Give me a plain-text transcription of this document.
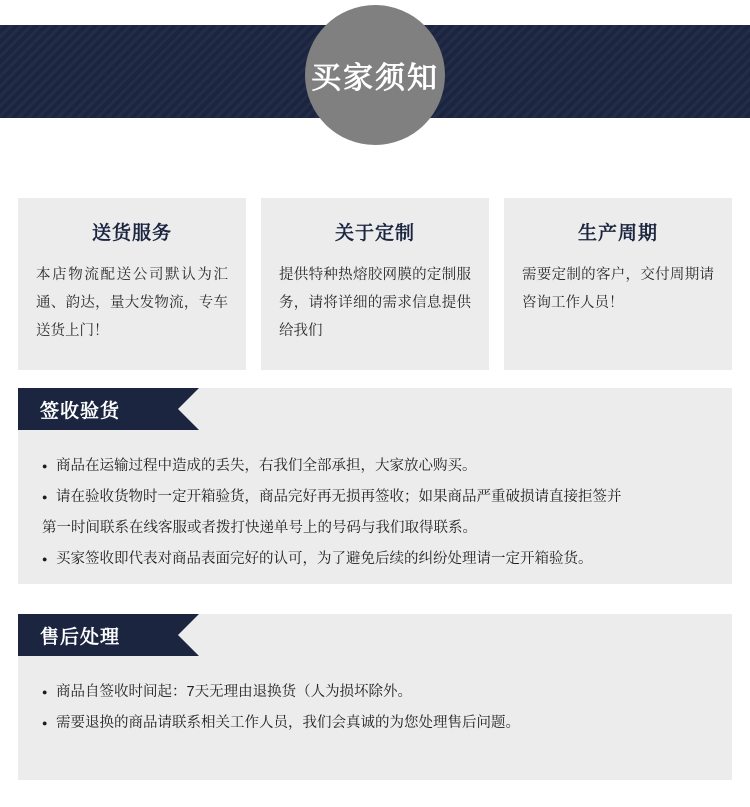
买家须知
送货服务
本店物流配送公司默认为汇通、韵达，量大发物流，专车送货上门！
关于定制
提供特种热熔胶网膜的定制服务，请将详细的需求信息提供给我们
生产周期
需要定制的客户，交付周期请咨询工作人员！
签收验货
● 商品在运输过程中造成的丢失，右我们全部承担，大家放心购买。
● 请在验收货物时一定开箱验货，商品完好再无损再签收；如果商品严重破损请直接拒签并
第一时间联系在线客服或者拨打快递单号上的号码与我们取得联系。
● 买家签收即代表对商品表面完好的认可，为了避免后续的纠纷处理请一定开箱验货。
售后处理
● 商品自签收时间起：7天无理由退换货（人为损坏除外。
● 需要退换的商品请联系相关工作人员，我们会真诚的为您处理售后问题。
